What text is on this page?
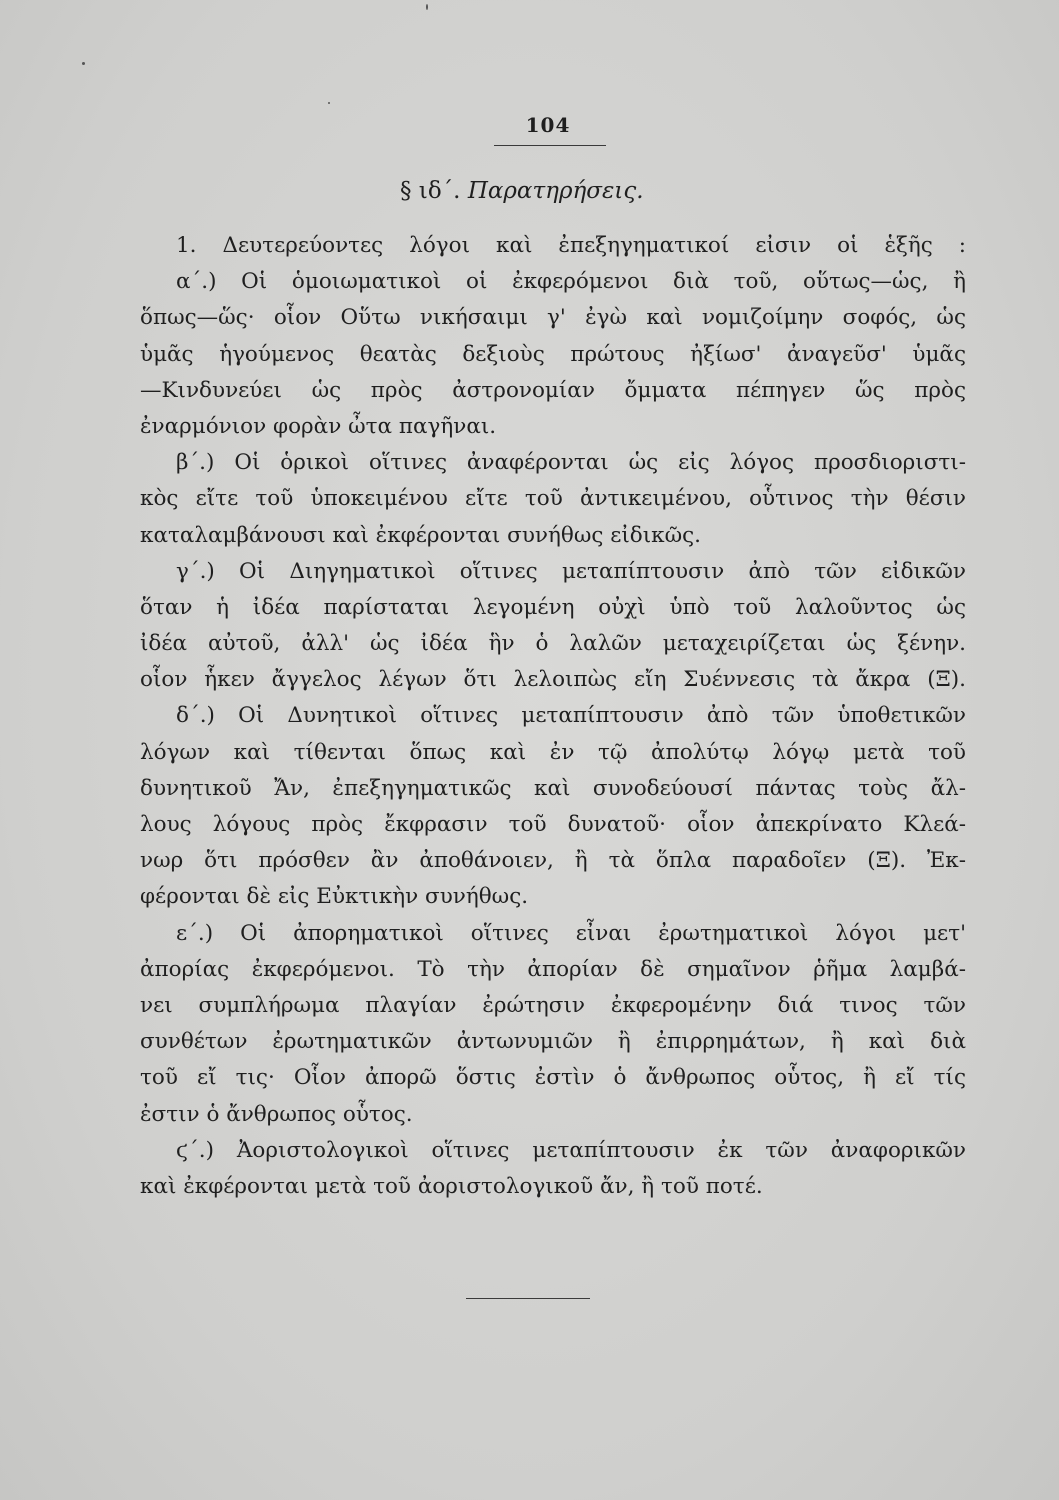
104
§ ιδ΄. Παρατηρήσεις.
1. Δευτερεύοντες λόγοι καὶ ἐπεξηγηματικοί εἰσιν οἱ ἑξῆς :
α΄.) Οἱ ὁμοιωματικοὶ οἱ ἐκφερόμενοι διὰ τοῦ, οὕτως—ὡς, ἢ
ὅπως—ὥς· οἷον Οὕτω νικήσαιμι γ' ἐγὼ καὶ νομιζοίμην σοφός, ὡς
ὑμᾶς ἡγούμενος θεατὰς δεξιοὺς πρώτους ἠξίωσ' ἀναγεῦσ' ὑμᾶς
—Κινδυνεύει ὡς πρὸς ἀστρονομίαν ὄμματα πέπηγεν ὥς πρὸς
ἐναρμόνιον φορὰν ὦτα παγῆναι.
β΄.) Οἱ ὁρικοὶ οἵτινες ἀναφέρονται ὡς εἰς λόγος προσδιοριστι-
κὸς εἴτε τοῦ ὑποκειμένου εἴτε τοῦ ἀντικειμένου, οὗτινος τὴν θέσιν
καταλαμβάνουσι καὶ ἐκφέρονται συνήθως εἰδικῶς.
γ΄.) Οἱ Διηγηματικοὶ οἵτινες μεταπίπτουσιν ἀπὸ τῶν εἰδικῶν
ὅταν ἡ ἰδέα παρίσταται λεγομένη οὐχὶ ὑπὸ τοῦ λαλοῦντος ὡς
ἰδέα αὐτοῦ, ἀλλ' ὡς ἰδέα ἣν ὁ λαλῶν μεταχειρίζεται ὡς ξένην.
οἷον ἧκεν ἄγγελος λέγων ὅτι λελοιπὼς εἴη Συέννεσις τὰ ἄκρα (Ξ).
δ΄.) Οἱ Δυνητικοὶ οἵτινες μεταπίπτουσιν ἀπὸ τῶν ὑποθετικῶν
λόγων καὶ τίθενται ὅπως καὶ ἐν τῷ ἀπολύτῳ λόγῳ μετὰ τοῦ
δυνητικοῦ Ἄν, ἐπεξηγηματικῶς καὶ συνοδεύουσί πάντας τοὺς ἄλ-
λους λόγους πρὸς ἔκφρασιν τοῦ δυνατοῦ· οἷον ἀπεκρίνατο Κλεά-
νωρ ὅτι πρόσθεν ἂν ἀποθάνοιεν, ἢ τὰ ὅπλα παραδοῖεν (Ξ). Ἐκ-
φέρονται δὲ εἰς Εὐκτικὴν συνήθως.
ε΄.) Οἱ ἀπορηματικοὶ οἵτινες εἶναι ἐρωτηματικοὶ λόγοι μετ'
ἀπορίας ἐκφερόμενοι. Τὸ τὴν ἀπορίαν δὲ σημαῖνον ῥῆμα λαμβά-
νει συμπλήρωμα πλαγίαν ἐρώτησιν ἐκφερομένην διά τινος τῶν
συνθέτων ἐρωτηματικῶν ἀντωνυμιῶν ἢ ἐπιρρημάτων, ἢ καὶ διὰ
τοῦ εἴ τις· Οἷον ἀπορῶ ὅστις ἐστὶν ὁ ἄνθρωπος οὗτος, ἢ εἴ τίς
ἐστιν ὁ ἄνθρωπος οὗτος.
ϛ΄.) Ἀοριστολογικοὶ οἵτινες μεταπίπτουσιν ἐκ τῶν ἀναφορικῶν
καὶ ἐκφέρονται μετὰ τοῦ ἀοριστολογικοῦ ἄν, ἢ τοῦ ποτέ.
